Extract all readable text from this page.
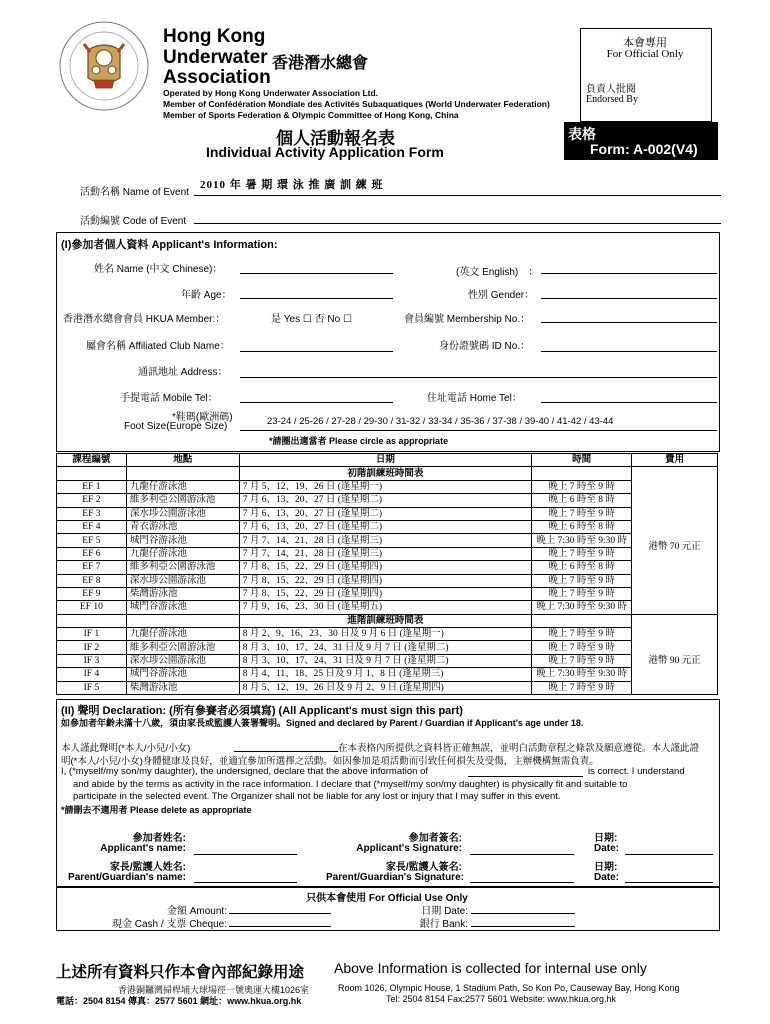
Hong Kong
Underwater 香港潛水總會
Association
Operated by Hong Kong Underwater Association Ltd.
Member of Confédération Mondiale des Activités Subaquatiques (World Underwater Federation)
Member of Sports Federation & Olympic Committee of Hong Kong, China
本會專用
For Official Only
負責人批閱
Endorsed By
個人活動報名表
Individual Activity Application Form
表格
Form: A-002(V4)
活動名稱 Name of Event
2010 年 暑 期 環 泳 推 廣 訓 練 班
活動編號 Code of Event
(I)參加者個人資料 Applicant's Information:
姓名 Name (中文 Chinese)：	(英文 English)　：
年齡 Age：	性別 Gender：
香港潛水總會會員 HKUA Member:：	是 Yes ☐ 否 No ☐	會員編號 Membership No.：
屬會名稱 Affiliated Club Name：	身份證號碼 ID No.：
通訊地址 Address：
手提電話 Mobile Tel：	住址電話 Home Tel：
*鞋碼(歐洲碼)
Foot Size(Europe Size)	23-24 / 25-26 / 27-28 / 29-30 / 31-32 / 33-34 / 35-36 / 37-38 / 39-40 / 41-42 / 43-44
*請圈出適當者 Please circle as appropriate
課程編號	地點	日期	時間	費用
		初階訓練班時間表		
EF 1	九龍仔游泳池	7 月 5、12、19、26 日 (逢星期一)	晚上 7 時至 9 時	港幣 70 元正
EF 2	維多利亞公園游泳池	7 月 6、13、20、27 日 (逢星期二)	晚上 6 時至 8 時	
EF 3	深水埗公園游泳池	7 月 6、13、20、27 日 (逢星期二)	晚上 7 時至 9 時	
EF 4	青衣游泳池	7 月 6、13、20、27 日 (逢星期二)	晚上 6 時至 8 時	
EF 5	城門谷游泳池	7 月 7、14、21、28 日 (逢星期三)	晚上 7:30 時至 9:30 時	
EF 6	九龍仔游泳池	7 月 7、14、21、28 日 (逢星期三)	晚上 7 時至 9 時	
EF 7	維多利亞公園游泳池	7 月 8、15、22、29 日 (逢星期四)	晚上 6 時至 8 時	
EF 8	深水埗公園游泳池	7 月 8、15、22、29 日 (逢星期四)	晚上 7 時至 9 時	
EF 9	柴灣游泳池	7 月 8、15、22、29 日 (逢星期四)	晚上 7 時至 9 時	
EF 10	城門谷游泳池	7 月 9、16、23、30 日 (逢星期五)	晚上 7:30 時至 9:30 時	
		進階訓練班時間表		
IF 1	九龍仔游泳池	8 月 2、9、16、23、30 日及 9 月 6 日 (逢星期一)	晚上 7 時至 9 時	港幣 90 元正
IF 2	維多利亞公園游泳池	8 月 3、10、17、24、31 日及 9 月 7 日 (逢星期二)	晚上 7 時至 9 時	
IF 3	深水埗公園游泳池	8 月 3、10、17、24、31 日及 9 月 7 日 (逢星期二)	晚上 7 時至 9 時	
IF 4	城門谷游泳池	8 月 4、11、18、25 日及 9 月 1、8 日 (逢星期三)	晚上 7:30 時至 9:30 時	
IF 5	柴灣游泳池	8 月 5、12、19、26 日及 9 月 2、9 日 (逢星期四)	晚上 7 時至 9 時	
(II) 聲明 Declaration: (所有參賽者必須填寫) (All Applicant's must sign this part)
如參加者年齡未滿十八歲，須由家長或監護人簽署聲明。Signed and declared by Parent / Guardian if Applicant's age under 18.
本人謹此聲明(*本人/小兒/小女)	在本表格內所提供之資料皆正確無誤，並明白活動章程之條款及願意遵從。本人謹此證
明(*本人/小兒/小女)身體健康及良好，並適宜參加所選擇之活動。如因參加是項活動而引致任何損失及受傷，主辦機構無需負責。
I, (*myself/my son/my daughter), the undersigned, declare that the above information of	is correct. I understand
and abide by the terms as activity in the race information. I declare that (*myself/my son/my daughter) is physically fit and suitable to
participate in the selected event. The Organizer shall not be liable for any lost or injury that I may suffer in this event.
*請刪去不適用者 Please delete as appropriate
參加者姓名:
Applicant's name:
參加者簽名:
Applicant's Signature:
日期:
Date:
家長/監護人姓名:
Parent/Guardian's name:
家長/監護人簽名:
Parent/Guardian's Signature:
日期:
Date:
只供本會使用 For Official Use Only
金額 Amount:
現金 Cash / 支票 Cheque:
日期 Date:
銀行 Bank:
上述所有資料只作本會內部紀錄用途 Above Information is collected for internal use only
香港銅鑼灣掃桿埔大球場徑一號奧運大樓1026室
電話：2504 8154 傳真：2577 5601 網址：www.hkua.org.hk
Room 1026, Olympic House, 1 Stadium Path, So Kon Po, Causeway Bay, Hong Kong
Tel: 2504 8154 Fax:2577 5601 Website: www.hkua.org.hk
